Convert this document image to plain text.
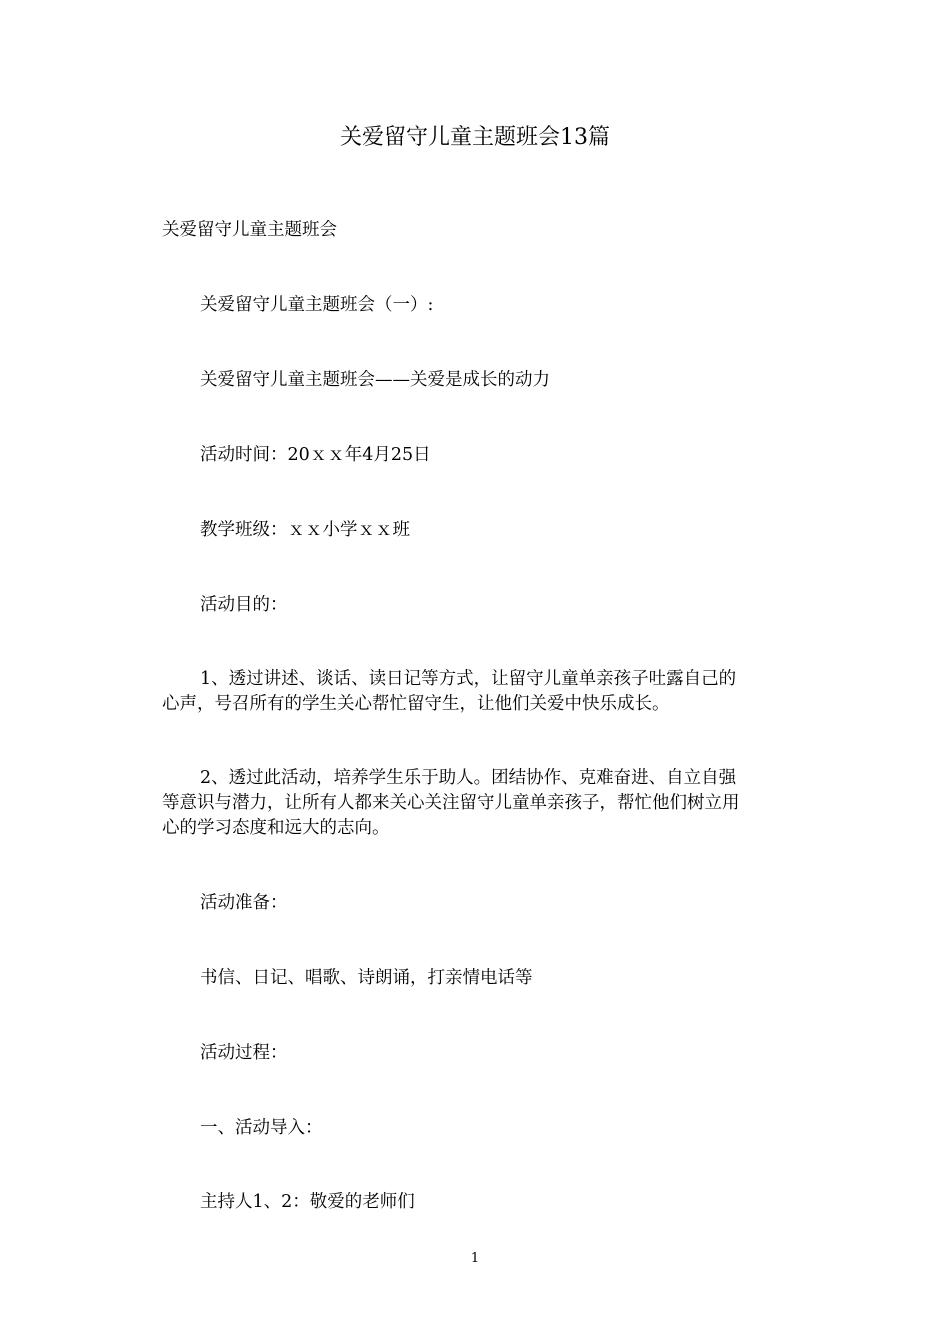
关爱留守儿童主题班会13篇
关爱留守儿童主题班会
关爱留守儿童主题班会（一）:
关爱留守儿童主题班会——关爱是成长的动力
活动时间：20ｘｘ年4月25日
教学班级：ｘｘ小学ｘｘ班
活动目的：
1、透过讲述、谈话、读日记等方式，让留守儿童单亲孩子吐露自己的
心声，号召所有的学生关心帮忙留守生，让他们关爱中快乐成长。
2、透过此活动，培养学生乐于助人。团结协作、克难奋进、自立自强
等意识与潜力，让所有人都来关心关注留守儿童单亲孩子，帮忙他们树立用
心的学习态度和远大的志向。
活动准备：
书信、日记、唱歌、诗朗诵，打亲情电话等
活动过程：
一、活动导入：
主持人1、2：敬爱的老师们
1
